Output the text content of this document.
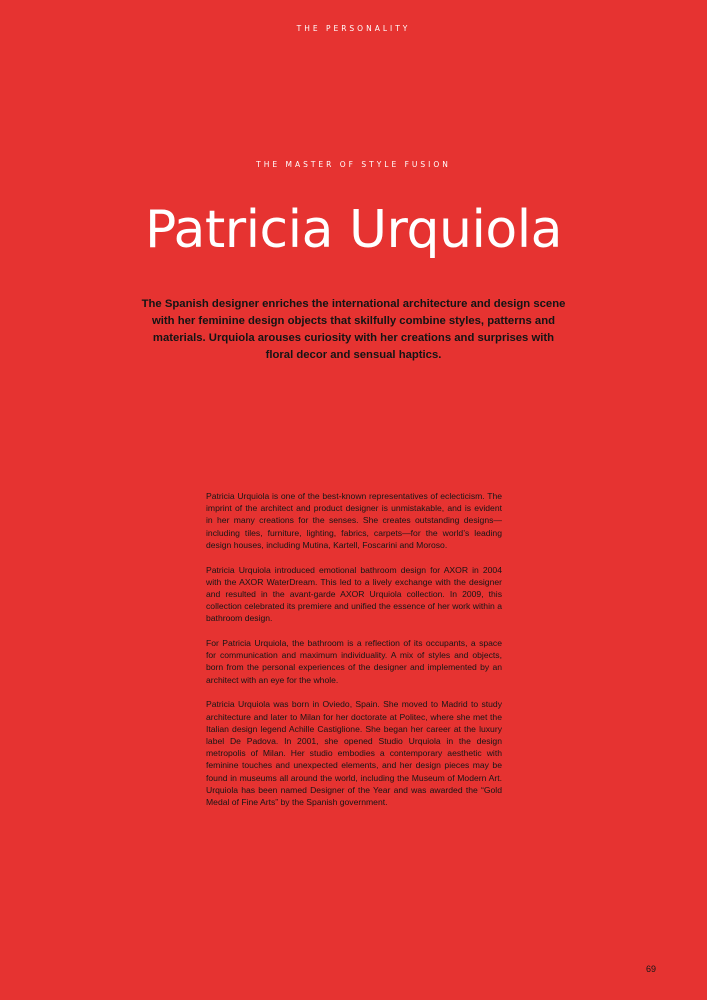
THE PERSONALITY
THE MASTER OF STYLE FUSION
Patricia Urquiola

The Spanish designer enriches the international architecture and design scene with her feminine design objects that skilfully combine styles, patterns and materials. Urquiola arouses curiosity with her creations and surprises with floral decor and sensual haptics.

Patricia Urquiola is one of the best-known representatives of eclecticism. The imprint of the architect and product designer is unmistakable, and is evident in her many creations for the senses. She creates outstanding designs—including tiles, furniture, lighting, fabrics, carpets—for the world’s leading design houses, including Mutina, Kartell, Foscarini and Moroso.

Patricia Urquiola introduced emotional bathroom design for AXOR in 2004 with the AXOR WaterDream. This led to a lively exchange with the designer and resulted in the avant-garde AXOR Urquiola collection. In 2009, this collection celebrated its premiere and unified the essence of her work within a bathroom design.

For Patricia Urquiola, the bathroom is a reflection of its occupants, a space for communication and maximum individuality. A mix of styles and objects, born from the personal experiences of the designer and implemented by an architect with an eye for the whole.

Patricia Urquiola was born in Oviedo, Spain. She moved to Madrid to study architecture and later to Milan for her doctorate at Politec, where she met the Italian design legend Achille Castiglione. She began her career at the luxury label De Padova. In 2001, she opened Studio Urquiola in the design metropolis of Milan. Her studio embodies a contemporary aesthetic with feminine touches and unexpected elements, and her design pieces may be found in museums all around the world, including the Museum of Modern Art. Urquiola has been named Designer of the Year and was awarded the “Gold Medal of Fine Arts” by the Spanish government.

69
